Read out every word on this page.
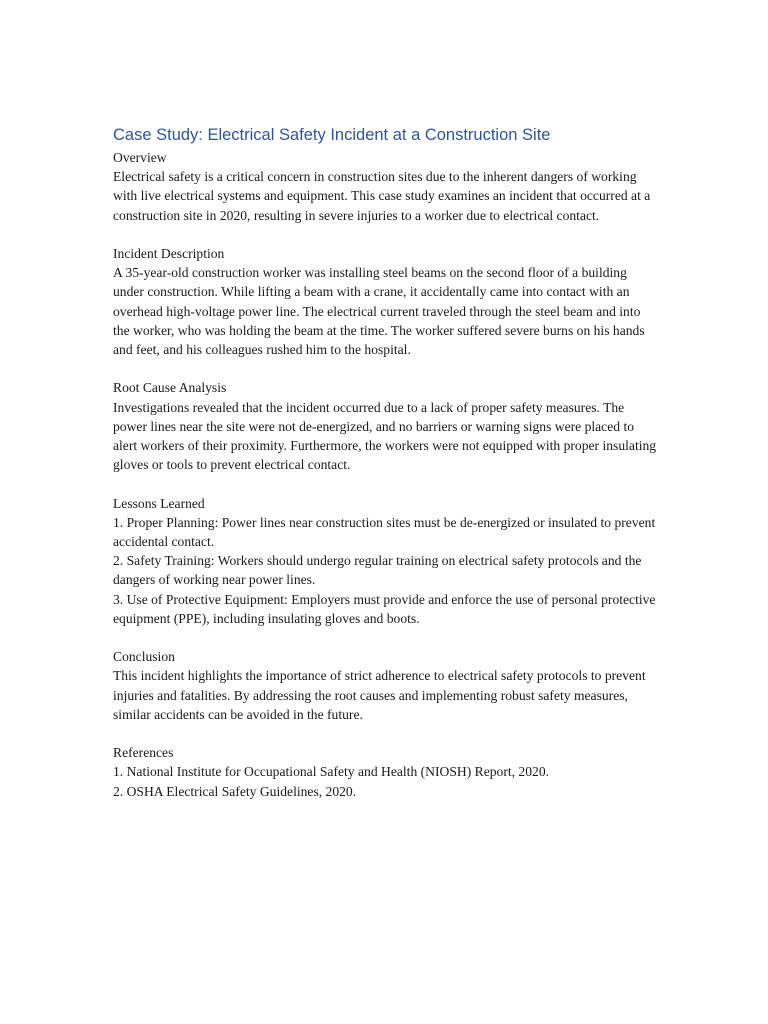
Case Study: Electrical Safety Incident at a Construction Site

Overview

Electrical safety is a critical concern in construction sites due to the inherent dangers of working with live electrical systems and equipment. This case study examines an incident that occurred at a construction site in 2020, resulting in severe injuries to a worker due to electrical contact.

Incident Description

A 35-year-old construction worker was installing steel beams on the second floor of a building under construction. While lifting a beam with a crane, it accidentally came into contact with an overhead high-voltage power line. The electrical current traveled through the steel beam and into the worker, who was holding the beam at the time. The worker suffered severe burns on his hands and feet, and his colleagues rushed him to the hospital.

Root Cause Analysis

Investigations revealed that the incident occurred due to a lack of proper safety measures. The power lines near the site were not de-energized, and no barriers or warning signs were placed to alert workers of their proximity. Furthermore, the workers were not equipped with proper insulating gloves or tools to prevent electrical contact.

Lessons Learned

1. Proper Planning: Power lines near construction sites must be de-energized or insulated to prevent accidental contact.
2. Safety Training: Workers should undergo regular training on electrical safety protocols and the dangers of working near power lines.
3. Use of Protective Equipment: Employers must provide and enforce the use of personal protective equipment (PPE), including insulating gloves and boots.

Conclusion

This incident highlights the importance of strict adherence to electrical safety protocols to prevent injuries and fatalities. By addressing the root causes and implementing robust safety measures, similar accidents can be avoided in the future.

References

1. National Institute for Occupational Safety and Health (NIOSH) Report, 2020.
2. OSHA Electrical Safety Guidelines, 2020.
